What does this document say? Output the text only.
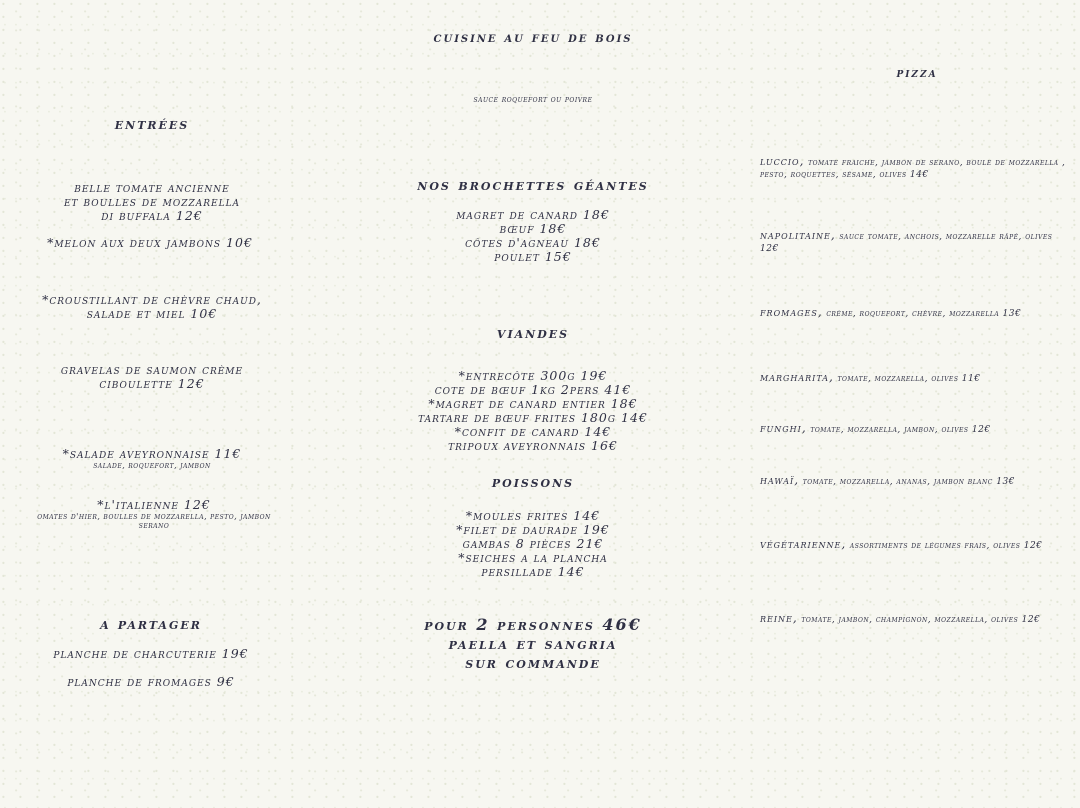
cuisine au feu de bois
sauce roquefort ou poivre
entrées
belle tomate ancienne
et boulles de mozzarella
di buffala 12€
*melon aux deux jambons 10€
*croustillant de chèvre chaud,
salade et miel 10€
gravelas de saumon crème
ciboulette 12€
*salade aveyronnaise 11€
salade, roquefort, jambon
*l'italienne 12€
omates d'hier, boulles de mozzarella, pesto, jambon
serano
a partager
planche de charcuterie 19€
planche de fromages 9€
nos brochettes géantes
magret de canard 18€
bœuf 18€
côtes d'agneau 18€
poulet 15€
viandes
*entrecôte 300g 19€
cote de bœuf 1kg 2pers 41€
*magret de canard entier 18€
tartare de bœuf frites 180g 14€
*confit de canard 14€
tripoux aveyronnais 16€
poissons
*moules frites 14€
*filet de daurade 19€
gambas 8 pièces 21€
*seiches a la plancha
persillade 14€
pour 2 personnes 46€
paella et sangria
sur commande
pizza
luccio, tomate fraiche, jambon de serano, boule de mozzarella , pesto, roquettes, sésame, olives 14€
napolitaine, sauce tomate, anchois, mozzarelle râpé, olives 12€
fromages, crème, roquefort, chèvre, mozzarella 13€
margharita, tomate, mozzarella, olives 11€
funghi, tomate, mozzarella, jambon, olives 12€
hawaï, tomate, mozzarella, ananas, jambon blanc 13€
végétarienne, assortiments de légumes frais, olives 12€
reine, tomate, jambon, champignon, mozzarella, olives 12€
